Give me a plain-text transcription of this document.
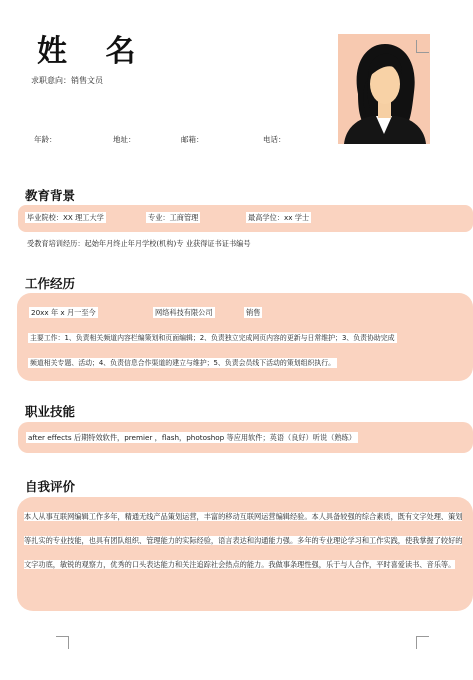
姓 名
求职意向：销售文员
年龄：	地址：	邮箱：	电话：
教育背景
毕业院校：XX 理工大学	专业：工商管理	最高学位：xx 学士
受教育培训经历：起始年月终止年月学校(机构)专 业获得证书证书编号
工作经历
20xx 年 x 月一至今	网络科技有限公司	销售
主要工作：1、负责相关频道内容栏编策划和页面编辑；2、负责独立完成网页内容的更新与日常维护；3、负责协助完成
频道相关专题、活动；4、负责信息合作渠道的建立与维护；5、负责会员线下活动的策划组织执行。
职业技能
after effects 后期特效软件，premier ，flash，photoshop 等应用软件；英语（良好）听说（熟练）
自我评价
本人从事互联网编辑工作多年，精通无线产品策划运营，丰富的移动互联网运营编辑经验。本人具备较强的综合素质，既有文字处理、策划等扎实的专业技能，也具有团队组织、管理能力的实际经验，语言表达和沟通能力强。多年的专业理论学习和工作实践，使我掌握了较好的文字功底，敏锐的观察力，优秀的口头表达能力和关注追踪社会热点的能力。我做事条理性强，乐于与人合作，平时喜爱读书、音乐等。
